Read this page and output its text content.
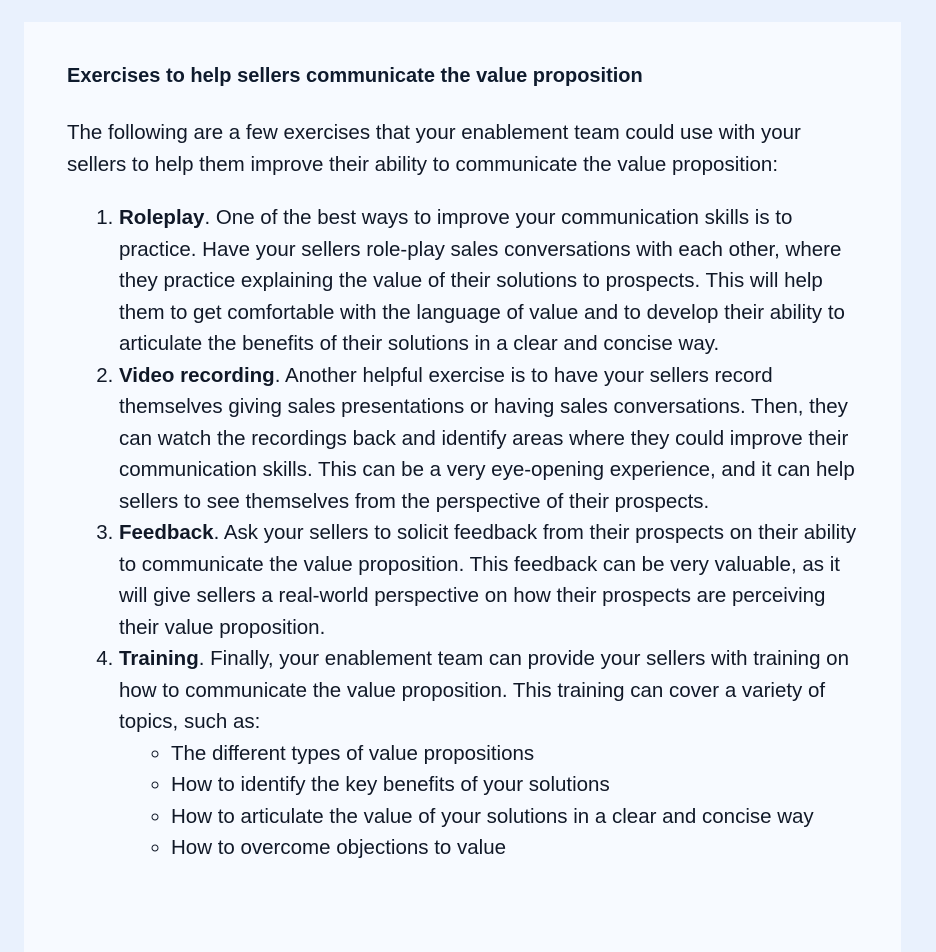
Exercises to help sellers communicate the value proposition

The following are a few exercises that your enablement team could use with your sellers to help them improve their ability to communicate the value proposition:

1. Roleplay. One of the best ways to improve your communication skills is to practice. Have your sellers role-play sales conversations with each other, where they practice explaining the value of their solutions to prospects. This will help them to get comfortable with the language of value and to develop their ability to articulate the benefits of their solutions in a clear and concise way.
2. Video recording. Another helpful exercise is to have your sellers record themselves giving sales presentations or having sales conversations. Then, they can watch the recordings back and identify areas where they could improve their communication skills. This can be a very eye-opening experience, and it can help sellers to see themselves from the perspective of their prospects.
3. Feedback. Ask your sellers to solicit feedback from their prospects on their ability to communicate the value proposition. This feedback can be very valuable, as it will give sellers a real-world perspective on how their prospects are perceiving their value proposition.
4. Training. Finally, your enablement team can provide your sellers with training on how to communicate the value proposition. This training can cover a variety of topics, such as:
◦ The different types of value propositions
◦ How to identify the key benefits of your solutions
◦ How to articulate the value of your solutions in a clear and concise way
◦ How to overcome objections to value
